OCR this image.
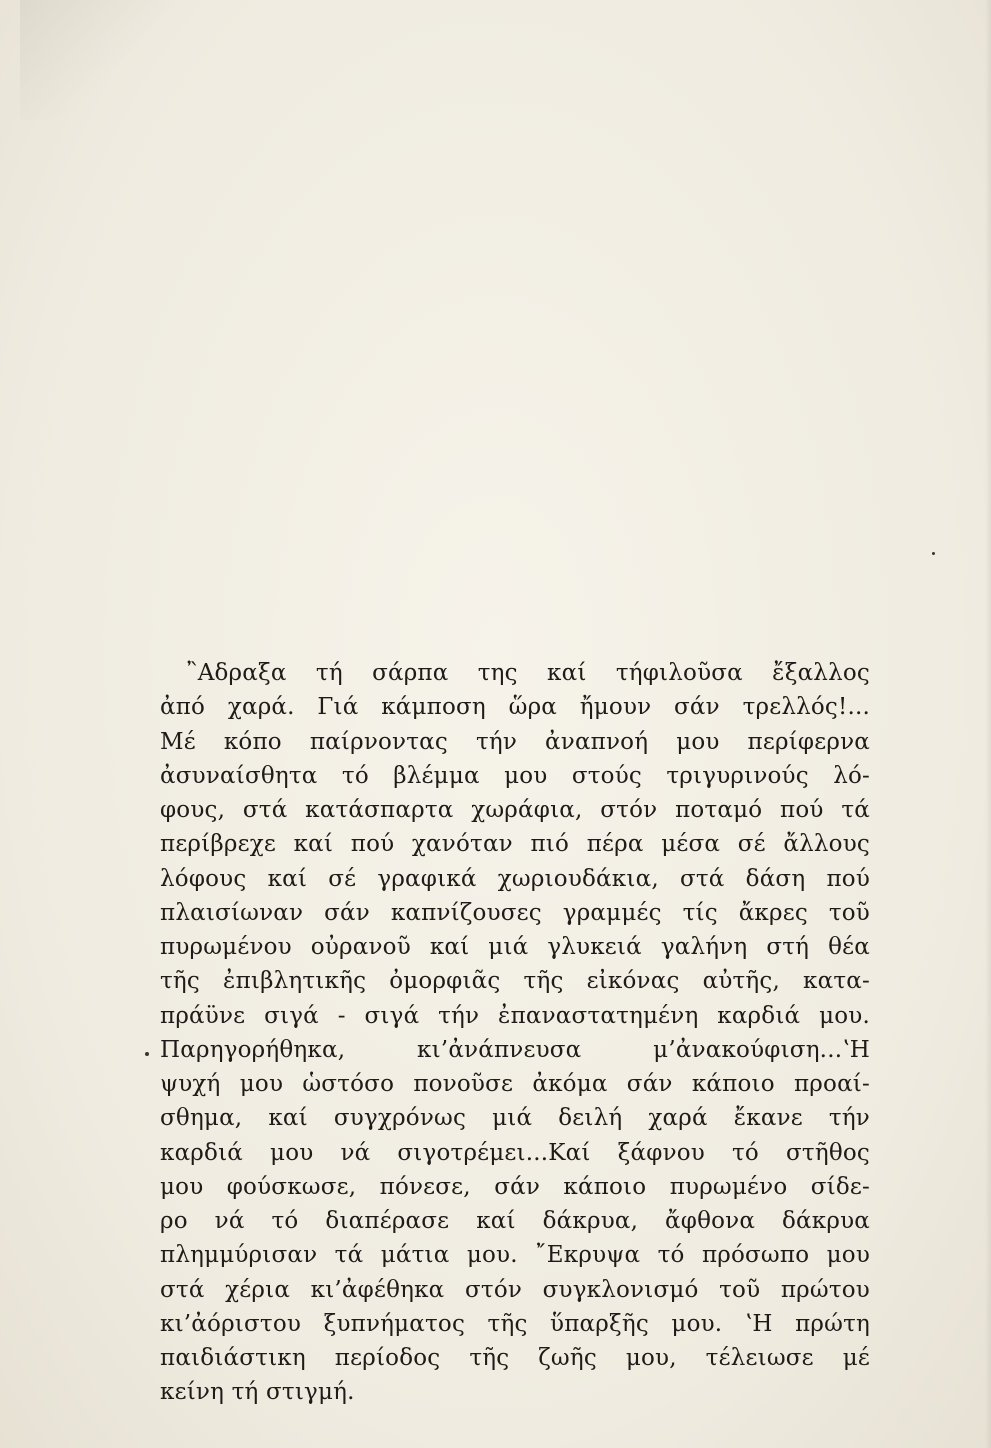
῍Αδραξα τή σάρπα της καί τήφιλοῦσα ἔξαλλος
ἀπό χαρά. Γιά κάμποση ὥρα ἤμουν σάν τρελλός!...
Μέ κόπο παίρνοντας τήν ἀναπνοή μου περίφερνα
ἀσυναίσθητα τό βλέμμα μου στούς τριγυρινούς λό-
φους, στά κατάσπαρτα χωράφια, στόν ποταμό πού τά
περίβρεχε καί πού χανόταν πιό πέρα μέσα σέ ἄλλους
λόφους καί σέ γραφικά χωριουδάκια, στά δάση πού
πλαισίωναν σάν καπνίζουσες γραμμές τίς ἄκρες τοῦ
πυρωμένου οὐρανοῦ καί μιά γλυκειά γαλήνη στή θέα
τῆς ἐπιβλητικῆς ὀμορφιᾶς τῆς εἰκόνας αὐτῆς, κατα-
πράϋνε σιγά - σιγά τήν ἐπαναστατημένη καρδιά μου.
Παρηγορήθηκα, κι’ἀνάπνευσα μ’ἀνακούφιση...ʽΗ
ψυχή μου ὡστόσο πονοῦσε ἀκόμα σάν κάποιο προαί-
σθημα, καί συγχρόνως μιά δειλή χαρά ἔκανε τήν
καρδιά μου νά σιγοτρέμει...Καί ξάφνου τό στῆθος
μου φούσκωσε, πόνεσε, σάν κάποιο πυρωμένο σίδε-
ρο νά τό διαπέρασε καί δάκρυα, ἄφθονα δάκρυα
πλημμύρισαν τά μάτια μου. ῎Εκρυψα τό πρόσωπο μου
στά χέρια κι’ἀφέθηκα στόν συγκλονισμό τοῦ πρώτου
κι’ἀόριστου ξυπνήματος τῆς ὕπαρξῆς μου. ʽΗ πρώτη
παιδιάστικη περίοδος τῆς ζωῆς μου, τέλειωσε μέ
κείνη τή στιγμή.
